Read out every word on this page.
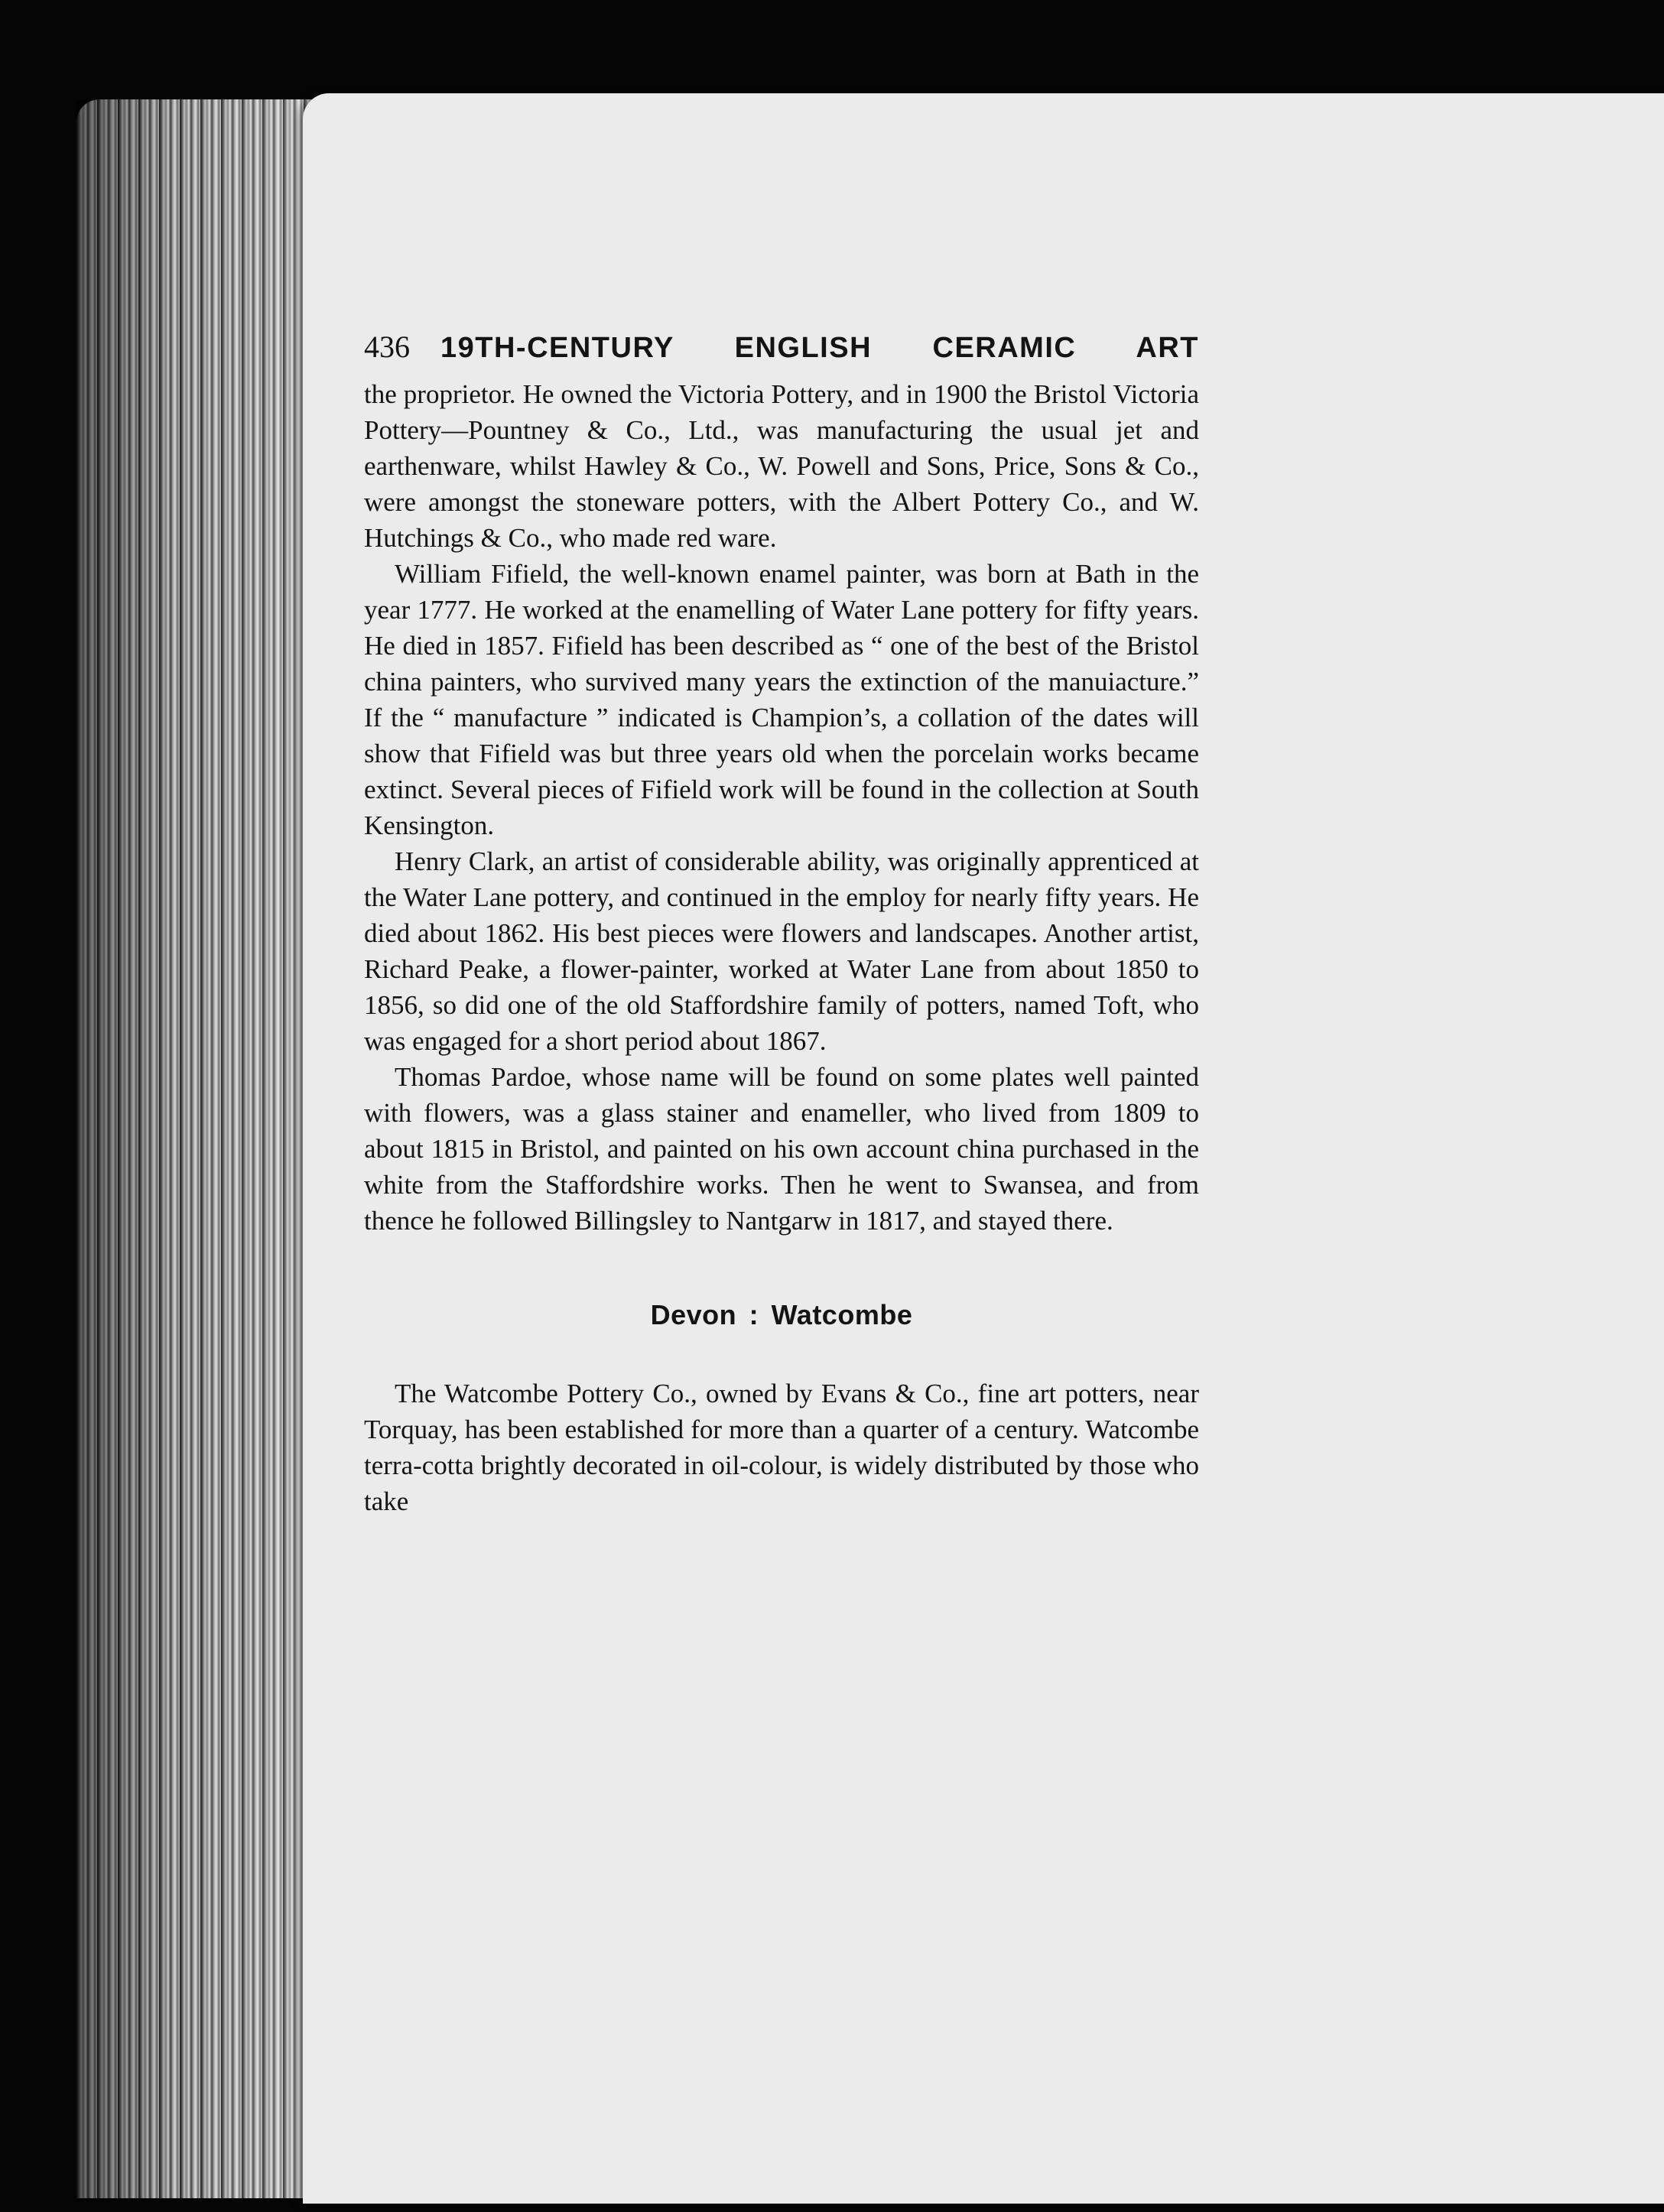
436 19TH-CENTURY ENGLISH CERAMIC ART

the proprietor. He owned the Victoria Pottery, and in 1900 the Bristol Victoria Pottery—Pountney & Co., Ltd., was manufacturing the usual jet and earthenware, whilst Hawley & Co., W. Powell and Sons, Price, Sons & Co., were amongst the stoneware potters, with the Albert Pottery Co., and W. Hutchings & Co., who made red ware.

William Fifield, the well-known enamel painter, was born at Bath in the year 1777. He worked at the enamelling of Water Lane pottery for fifty years. He died in 1857. Fifield has been described as “ one of the best of the Bristol china painters, who survived many years the extinction of the manuiacture.” If the “ manufacture ” indicated is Champion’s, a collation of the dates will show that Fifield was but three years old when the porcelain works became extinct. Several pieces of Fifield work will be found in the collection at South Kensington.

Henry Clark, an artist of considerable ability, was originally apprenticed at the Water Lane pottery, and continued in the employ for nearly fifty years. He died about 1862. His best pieces were flowers and landscapes. Another artist, Richard Peake, a flower-painter, worked at Water Lane from about 1850 to 1856, so did one of the old Staffordshire family of potters, named Toft, who was engaged for a short period about 1867.

Thomas Pardoe, whose name will be found on some plates well painted with flowers, was a glass stainer and enameller, who lived from 1809 to about 1815 in Bristol, and painted on his own account china purchased in the white from the Staffordshire works. Then he went to Swansea, and from thence he followed Billingsley to Nantgarw in 1817, and stayed there.

Devon : Watcombe

The Watcombe Pottery Co., owned by Evans & Co., fine art potters, near Torquay, has been established for more than a quarter of a century. Watcombe terra-cotta brightly decorated in oil-colour, is widely distributed by those who take
